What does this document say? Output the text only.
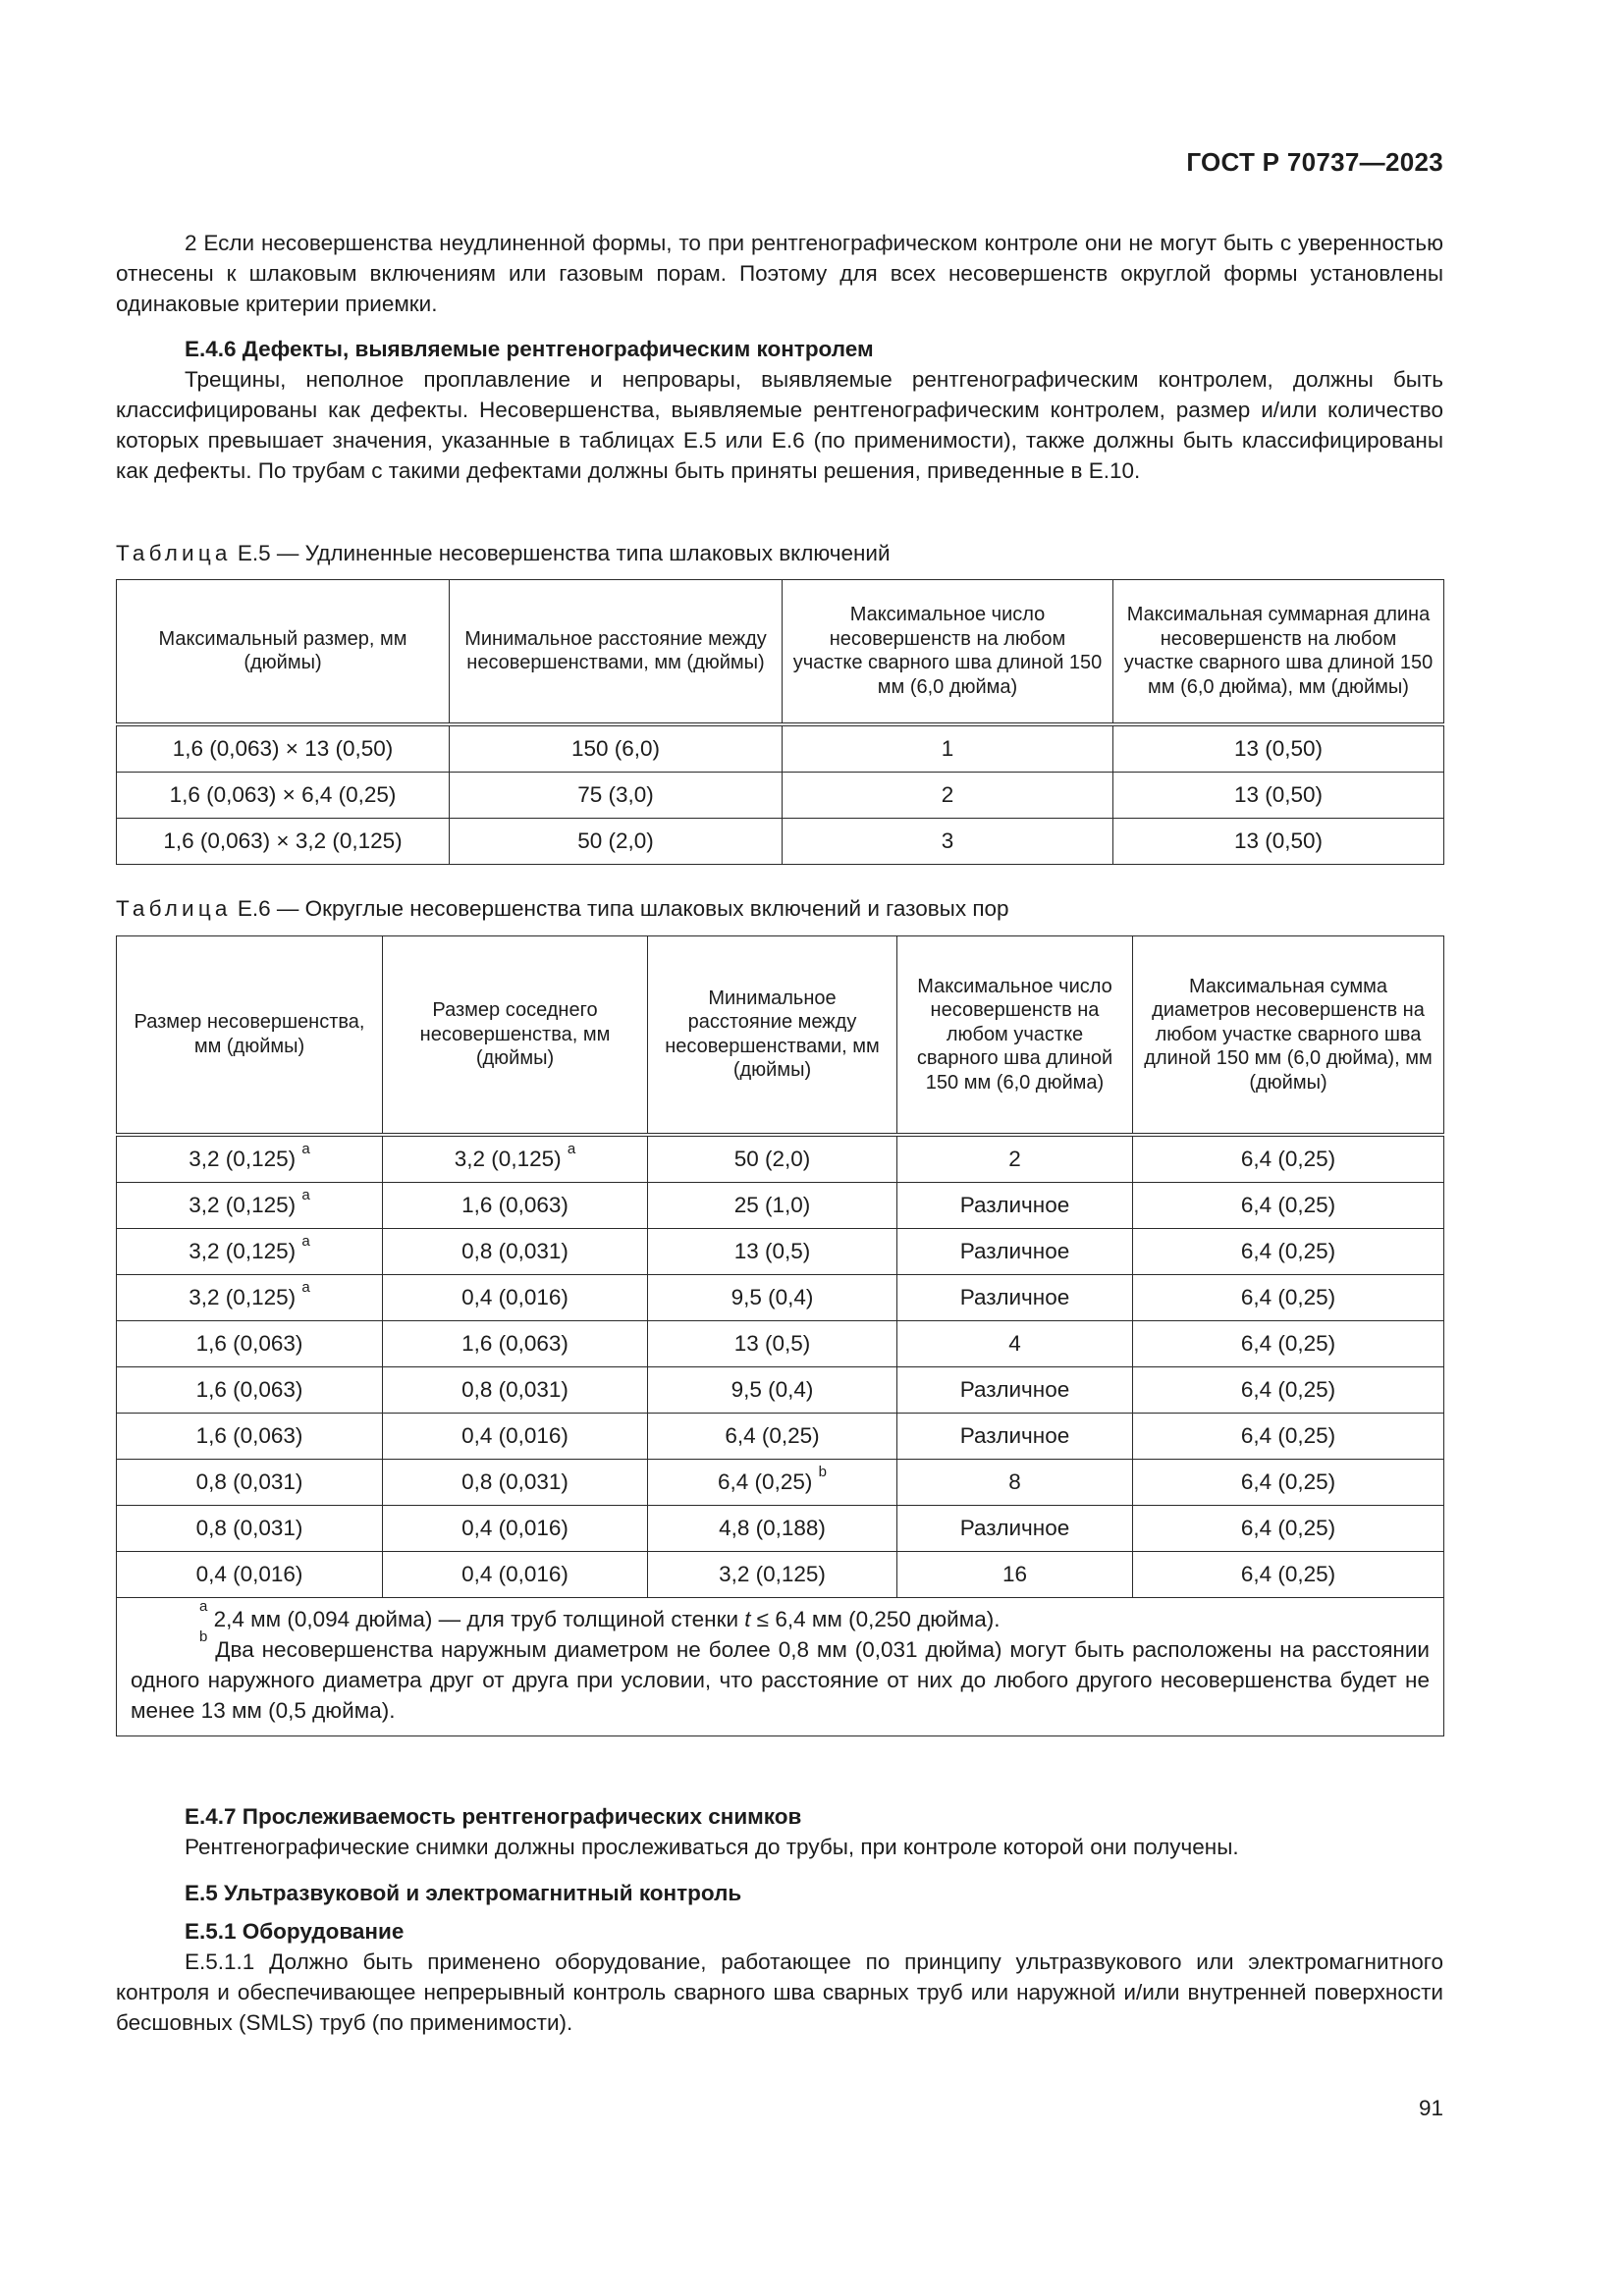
ГОСТ Р 70737—2023

2 Если несовершенства неудлиненной формы, то при рентгенографическом контроле они не могут быть с уверенностью отнесены к шлаковым включениям или газовым порам. Поэтому для всех несовершенств округлой формы установлены одинаковые критерии приемки.

E.4.6 Дефекты, выявляемые рентгенографическим контролем

Трещины, неполное проплавление и непровары, выявляемые рентгенографическим контролем, должны быть классифицированы как дефекты. Несовершенства, выявляемые рентгенографическим контролем, размер и/или количество которых превышает значения, указанные в таблицах E.5 или E.6 (по применимости), также должны быть классифицированы как дефекты. По трубам с такими дефектами должны быть приняты решения, приведенные в E.10.

Таблица E.5 — Удлиненные несовершенства типа шлаковых включений

Максимальный размер, мм (дюймы)	Минимальное расстояние между несовершенствами, мм (дюймы)	Максимальное число несовершенств на любом участке сварного шва длиной 150 мм (6,0 дюйма)	Максимальная суммарная длина несовершенств на любом участке сварного шва длиной 150 мм (6,0 дюйма), мм (дюймы)
1,6 (0,063) × 13 (0,50)	150 (6,0)	1	13 (0,50)
1,6 (0,063) × 6,4 (0,25)	75 (3,0)	2	13 (0,50)
1,6 (0,063) × 3,2 (0,125)	50 (2,0)	3	13 (0,50)

Таблица E.6 — Округлые несовершенства типа шлаковых включений и газовых пор

Размер несовершенства, мм (дюймы)	Размер соседнего несовершенства, мм (дюймы)	Минимальное расстояние между несовершенствами, мм (дюймы)	Максимальное число несовершенств на любом участке сварного шва длиной 150 мм (6,0 дюйма)	Максимальная сумма диаметров несовершенств на любом участке сварного шва длиной 150 мм (6,0 дюйма), мм (дюймы)
3,2 (0,125) $^a$	3,2 (0,125) $^a$	50 (2,0)	2	6,4 (0,25)
3,2 (0,125) $^a$	1,6 (0,063)	25 (1,0)	Различное	6,4 (0,25)
3,2 (0,125) $^a$	0,8 (0,031)	13 (0,5)	Различное	6,4 (0,25)
3,2 (0,125) $^a$	0,4 (0,016)	9,5 (0,4)	Различное	6,4 (0,25)
1,6 (0,063)	1,6 (0,063)	13 (0,5)	4	6,4 (0,25)
1,6 (0,063)	0,8 (0,031)	9,5 (0,4)	Различное	6,4 (0,25)
1,6 (0,063)	0,4 (0,016)	6,4 (0,25)	Различное	6,4 (0,25)
0,8 (0,031)	0,8 (0,031)	6,4 (0,25) $^b$	8	6,4 (0,25)
0,8 (0,031)	0,4 (0,016)	4,8 (0,188)	Различное	6,4 (0,25)
0,4 (0,016)	0,4 (0,016)	3,2 (0,125)	16	6,4 (0,25)

$^a$ 2,4 мм (0,094 дюйма) — для труб толщиной стенки t ≤ 6,4 мм (0,250 дюйма).

$^b$ Два несовершенства наружным диаметром не более 0,8 мм (0,031 дюйма) могут быть расположены на расстоянии одного наружного диаметра друг от друга при условии, что расстояние от них до любого другого несовершенства будет не менее 13 мм (0,5 дюйма).				

E.4.7 Прослеживаемость рентгенографических снимков

Рентгенографические снимки должны прослеживаться до трубы, при контроле которой они получены.

E.5 Ультразвуковой и электромагнитный контроль

E.5.1 Оборудование

E.5.1.1 Должно быть применено оборудование, работающее по принципу ультразвукового или электромагнитного контроля и обеспечивающее непрерывный контроль сварного шва сварных труб или наружной и/или внутренней поверхности бесшовных (SMLS) труб (по применимости).

91
